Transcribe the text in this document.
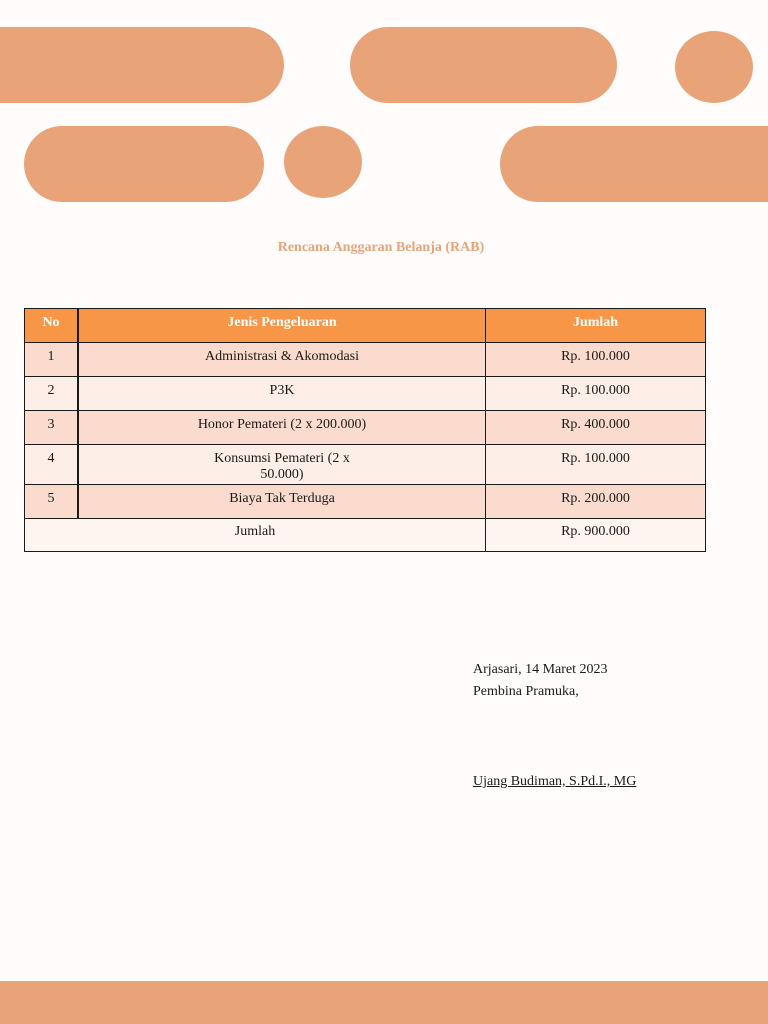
Rencana Anggaran Belanja (RAB)
No	Jenis Pengeluaran	Jumlah
1	Administrasi & Akomodasi	Rp. 100.000
2	P3K	Rp. 100.000
3	Honor Pemateri (2 x 200.000)	Rp. 400.000
4	Konsumsi Pemateri (2 x 50.000)	Rp. 100.000
5	Biaya Tak Terduga	Rp. 200.000
Jumlah		Rp. 900.000
Arjasari, 14 Maret 2023
Pembina Pramuka,
Ujang Budiman, S.Pd.I., MG
